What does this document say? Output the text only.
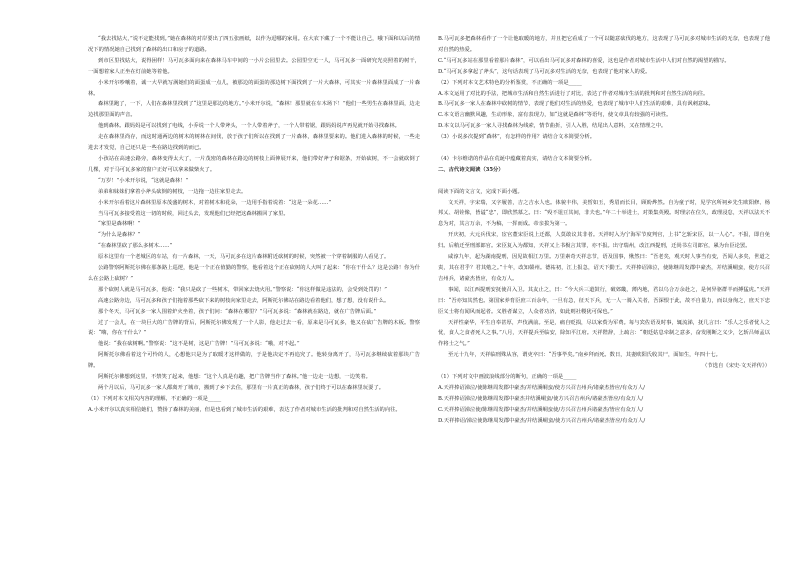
“我去找姑大，”说不定能找到。”她在森林的对岸要出了四五张画纸，以作为逗哪的家用。在大农下藏了一个不能让自己，哦下面和以后的情况下的情况她自己找到了森林的出口和房子的道路。

到市区里找姑大，说得困样！马可瓦多面向来在森林马车中间的一小片公园里去。公园里空无一人，马可瓦多一面研究光亮照着的树干，一面想着家人正坐在灯前她等着他。

小米开尔吵嚷着，诚一大早就写满她们的面蛋成一点儿，被那边的面蛋的那边树下面找到了一片大森林，可其实一片森林里面成了一片森林。

森林里跑了，一下，人们在森林里找到了“这里是那边的地方。”小米开尔说，“森林！那里就在车木场下！”他们一些男生在森林里面，边走边找那里面的声音。

他到森林。跟妈妈是可以找到了电线，小乔说一个人带斧头，一个人带着斧子，一个人带着锯，跟妈妈说声再见就开始寻找森林。

走在森林里尚存，而这时通两边的树木的树林在间伐，放于孩子们所以在找到了一片森林，森林里要来的。他们进入森林的时候，一些走进去才发觉，自己还只是一些在路边找到的而已。

小孩站在高速公路旁，森林变得太大了，一片茂密的森林在路边的树枝上面伸展开来，他们带好斧子和锯条，开始砍树，不一会就砍倒了几棵，对于马可瓦多家的窗户正好可以拿来做柴火了。

“万岁！”小米开尔说，“这就是森林！”

弟弟和妹妹们拿着小斧头砍倒的树枝，一边拖一边往家里走去。

小米开尔看着这片森林里原本茂盛的树木，对着树木和花朵，一边用手指着说着：“这是一朵花……”

当马可瓦多接受着这一切的时候，回过头去，发现他们已经把这森林搬回了家里。

“家里是森林啊！”

“为什么是森林？”

“在森林里砍了那么多树木……”

原本这里有一个老城区的车站，有一片森林，一天，马可瓦多在这片森林附近砍树的时候，突然被一个穿着制服的人看见了。

公路警察阿斯托尔佛在那条路上巡逻，他是一个正在值勤的警察，他看着这个正在砍树的人大叫了起来：“你在干什么？这是公路！你为什么在公路上砍树？”

那个砍树人就是马可瓦多，他说：“我只是砍了一些树木，带回家去烧火用。”警察说：“你这样做是违法的，会受到处罚的！”

高速公路旁边，马可瓦多和孩子们拖着那些砍下来的树枝向家里走去，阿斯托尔佛站在路边看着他们，想了想，没有说什么。

那个冬天，马可瓦多一家人围着炉火坐着，孩子们问：“森林在哪里？”马可瓦多说：“森林就在路边，就在广告牌后面。”

过了一会儿，在一块巨大的广告牌的背后，阿斯托尔佛发现了一个人影，他走过去一看，原来是马可瓦多，他又在砍广告牌的木板。警察说：“嗨，你在干什么？”

他说：“我在砍树啊。”警察说：“这不是树，这是广告牌！”马可瓦多说：“哦，对不起。”

阿斯托尔佛看着这个可怜的人，心想他只是为了取暖才这样做的，于是他决定不再追究了。他转身离开了，马可瓦多继续砍着那块广告牌。

阿斯托尔佛想到这里，不禁笑了起来，他想：“这个人真是有趣，把广告牌当作了森林。”他一边走一边想，一边笑着。

两个月以后，马可瓦多一家人都离开了城市，搬到了乡下去住，那里有一片真正的森林，孩子们终于可以在森林里玩耍了。

（1）下列对本文相关内容的理解，不正确的一项是_____

A.小米开尔以真实相信她们，赞扬了森林的美丽，但是也看到了城市生活的艰难，表达了作者对城市生活的批判和对自然生活的向往。

B.马可瓦多把森林看作了一个让他取暖的地方，并且把它看成了一个可以随意砍伐的地方，这表现了马可瓦多对城市生活的无奈，也表现了他对自然的热爱。

C.“马可瓦多站在那里看着那片森林”，可以看出马可瓦多对森林的喜爱，这也是作者对城市生活中人们对自然的渴望的描写。

D.“马可瓦多拿起了斧头”，这句话表现了马可瓦多对生活的无奈，也表现了他对家人的爱。

（2）下列对本文艺术特色的分析鉴赏，不正确的一项是_____

A.本文运用了对比的手法，把城市生活和自然生活进行了对比，表达了作者对城市生活的批判和对自然生活的向往。

B.马可瓦多一家人在森林中砍树的情节，表现了他们对生活的热爱，也表现了城市中人们生活的艰难，具有讽刺意味。

C.本文语言幽默风趣，生动形象，富有表现力，如“这就是森林”等语句，使文章具有较强的可读性。

D.本文以马可瓦多一家人寻找森林为线索，情节曲折，引人入胜，结尾出人意料，又在情理之中。

（3）小说多次提到“森林”，有怎样的作用？请结合文本简要分析。

（4）卡尔维诺的作品在荒诞中蕴藏着真实，请结合文本简要分析。

二、古代诗文阅读（35分）

阅读下面的文言文，完成下面小题。

文天祥，字宋瑞，又字履善，吉之吉水人也。体貌丰伟，美皙如玉，秀眉而长目，顾盼烨然。自为童子时，见学宫所祠乡先生欧阳修、杨邦乂、胡铨像，皆谥“忠”，即欣然慕之。曰：“殁不俎豆其间，非夫也。”年二十举进士，对策集英殿。时理宗在位久，政理浸怠，天祥以法天不息为对，其言万余，不为稿，一挥而成。帝亲拔为第一。

开庆初，大元兵伐宋，宦官董宋臣说上迁都，人莫敢议其非者。天祥时入为宁海军节度判官，上书“乞斩宋臣，以一人心”。不报，即自免归。后稍迁至刑部郎官。宋臣复入为都知，天祥又上书极言其罪，亦不报。出守瑞州，改江西提刑，迁尚书左司郎官，累为台臣论罢。

咸淳九年，起为湖南提刑，因见故相江万里。万里素奇天祥志节，语及国事，愀然曰：“吾老矣，观天时人事当有变，吾阅人多矣，世道之责，其在君乎？君其勉之。”十年，改知赣州。德祐初，江上报急，诏天下勤王。天祥捧诏涕泣，使陈继周发郡中豪杰，并结溪峒蛮，使方兴召吉州兵，诸豪杰皆应，有众万人。

事闻，以江西提刑安抚使召入卫。其友止之，曰：“今大兵三道鼓行，破郊畿，薄内地，君以乌合万余赴之，是何异驱群羊而搏猛虎。”天祥曰：“吾亦知其然也。第国家养育臣庶三百余年，一旦有急，征天下兵，无一人一骑入关者，吾深恨于此，故不自量力，而以身徇之，庶天下忠臣义士将有闻风而起者。义胜者谋立，人众者功济，如此则社稷犹可保也。”

天祥性豪华，平生自奉甚厚，声伎满前。至是，痛自贬损，尽以家赀为军费。每与宾佐语及时事，辄流涕，抚几言曰：“乐人之乐者忧人之忧，食人之食者死人之事。”八月，天祥提兵至临安，除知平江府。天祥陛辞，上疏言：“朝廷姑息牵制之意多，奋发刚断之义少，乞斩吕师孟以作将士之气。”

至元十九年，天祥临刑殊从容，谓吏卒曰：“吾事毕矣。”南乡拜而死。数日，其妻欧阳氏收其尸，面如生，年四十七。

（节选自《宋史·文天祥传》）

（1）下列对文中画波浪线部分的断句，正确的一项是_____

A.天祥捧诏涕泣/使陈继周发郡中豪杰/并结溪峒蛮/使方兴召吉州兵/诸豪杰皆应/有众万人/

B.天祥捧诏涕泣/使陈继周发郡中豪杰并结溪峒蛮/使方兴召吉州兵/诸豪杰皆应/有众万人/

C.天祥捧诏涕泣使/陈继周发郡中豪杰/并结溪峒蛮使/方兴召吉州兵诸豪杰/皆应有众万人/

D.天祥捧诏/涕泣使陈继周发郡中豪杰/并结溪峒蛮/使方兴召吉州兵/诸豪杰皆应/有众万人/
